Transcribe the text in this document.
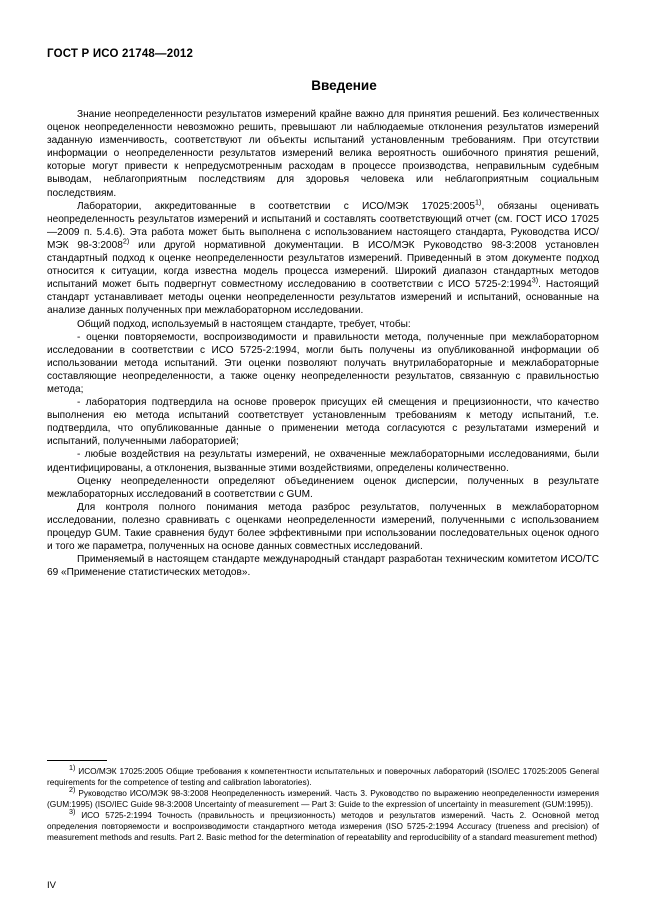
ГОСТ Р ИСО 21748—2012
Введение

Знание неопределенности результатов измерений крайне важно для принятия решений. Без количественных оценок неопределенности невозможно решить, превышают ли наблюдаемые отклонения результатов измерений заданную изменчивость, соответствуют ли объекты испытаний установленным требованиям. При отсутствии информации о неопределенности результатов измерений велика вероятность ошибочного принятия решений, которые могут привести к непредусмотренным расходам в процессе производства, неправильным судебным выводам, неблагоприятным последствиям для здоровья человека или неблагоприятным социальным последствиям.

Лаборатории, аккредитованные в соответствии с ИСО/МЭК 17025:2005$^{1)}$, обязаны оценивать неопределенность результатов измерений и испытаний и составлять соответствующий отчет (см. ГОСТ ИСО 17025—2009 п. 5.4.6). Эта работа может быть выполнена с использованием настоящего стандарта, Руководства ИСО/МЭК 98-3:2008$^{2)}$ или другой нормативной документации. В ИСО/МЭК Руководство 98-3:2008 установлен стандартный подход к оценке неопределенности результатов измерений. Приведенный в этом документе подход относится к ситуации, когда известна модель процесса измерений. Широкий диапазон стандартных методов испытаний может быть подвергнут совместному исследованию в соответствии с ИСО 5725-2:1994$^{3)}$. Настоящий стандарт устанавливает методы оценки неопределенности результатов измерений и испытаний, основанные на анализе данных полученных при межлабораторном исследовании.

Общий подход, используемый в настоящем стандарте, требует, чтобы:

- оценки повторяемости, воспроизводимости и правильности метода, полученные при межлабораторном исследовании в соответствии с ИСО 5725-2:1994, могли быть получены из опубликованной информации об использовании метода испытаний. Эти оценки позволяют получать внутрилабораторные и межлабораторные составляющие неопределенности, а также оценку неопределенности результатов, связанную с правильностью метода;

- лаборатория подтвердила на основе проверок присущих ей смещения и прецизионности, что качество выполнения ею метода испытаний соответствует установленным требованиям к методу испытаний, т.е. подтвердила, что опубликованные данные о применении метода согласуются с результатами измерений и испытаний, полученными лабораторией;

- любые воздействия на результаты измерений, не охваченные межлабораторными исследованиями, были идентифицированы, а отклонения, вызванные этими воздействиями, определены количественно.

Оценку неопределенности определяют объединением оценок дисперсии, полученных в результате межлабораторных исследований в соответствии с GUM.

Для контроля полного понимания метода разброс результатов, полученных в межлабораторном исследовании, полезно сравнивать с оценками неопределенности измерений, полученными с использованием процедур GUM. Такие сравнения будут более эффективными при использовании последовательных оценок одного и того же параметра, полученных на основе данных совместных исследований.

Применяемый в настоящем стандарте международный стандарт разработан техническим комитетом ИСО/ТС 69 «Применение статистических методов».

$^{1)}$ ИСО/МЭК 17025:2005 Общие требования к компетентности испытательных и поверочных лабораторий (ISO/IEC 17025:2005 General requirements for the competence of testing and calibration laboratories).

$^{2)}$ Руководство ИСО/МЭК 98-3:2008 Неопределенность измерений. Часть 3. Руководство по выражению неопределенности измерения (GUM:1995) (ISO/IEC Guide 98-3:2008 Uncertainty of measurement — Part 3: Guide to the expression of uncertainty in measurement (GUM:1995)).

$^{3)}$ ИСО 5725-2:1994 Точность (правильность и прецизионность) методов и результатов измерений. Часть 2. Основной метод определения повторяемости и воспроизводимости стандартного метода измерения (ISO 5725-2:1994 Accuracy (trueness and precision) of measurement methods and results. Part 2. Basic method for the determination of repeatability and reproducibility of a standard measurement method)

IV
